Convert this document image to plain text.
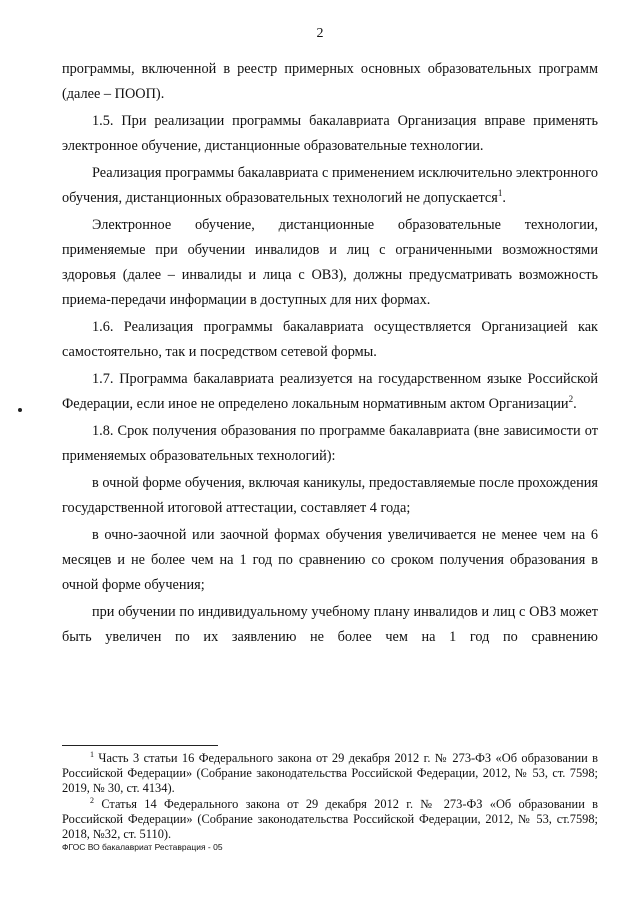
2

программы, включенной в реестр примерных основных образовательных программ (далее – ПООП).

1.5. При реализации программы бакалавриата Организация вправе применять электронное обучение, дистанционные образовательные технологии.

Реализация программы бакалавриата с применением исключительно электронного обучения, дистанционных образовательных технологий не допускается$^1$.

Электронное обучение, дистанционные образовательные технологии, применяемые при обучении инвалидов и лиц с ограниченными возможностями здоровья (далее – инвалиды и лица с ОВЗ), должны предусматривать возможность приема-передачи информации в доступных для них формах.

1.6. Реализация программы бакалавриата осуществляется Организацией как самостоятельно, так и посредством сетевой формы.

1.7. Программа бакалавриата реализуется на государственном языке Российской Федерации, если иное не определено локальным нормативным актом Организации$^2$.

1.8. Срок получения образования по программе бакалавриата (вне зависимости от применяемых образовательных технологий):

в очной форме обучения, включая каникулы, предоставляемые после прохождения государственной итоговой аттестации, составляет 4 года;

в очно-заочной или заочной формах обучения увеличивается не менее чем на 6 месяцев и не более чем на 1 год по сравнению со сроком получения образования в очной форме обучения;

при обучении по индивидуальному учебному плану инвалидов и лиц с ОВЗ может быть увеличен по их заявлению не более чем на 1 год по сравнению

$^1$ Часть 3 статьи 16 Федерального закона от 29 декабря 2012 г. № 273-ФЗ «Об образовании в Российской Федерации» (Собрание законодательства Российской Федерации, 2012, № 53, ст. 7598; 2019, № 30, ст. 4134).

$^2$ Статья 14 Федерального закона от 29 декабря 2012 г. № 273-ФЗ «Об образовании в Российской Федерации» (Собрание законодательства Российской Федерации, 2012, № 53, ст.7598; 2018, №32, ст. 5110).

ФГОС ВО бакалавриат Реставрация - 05
